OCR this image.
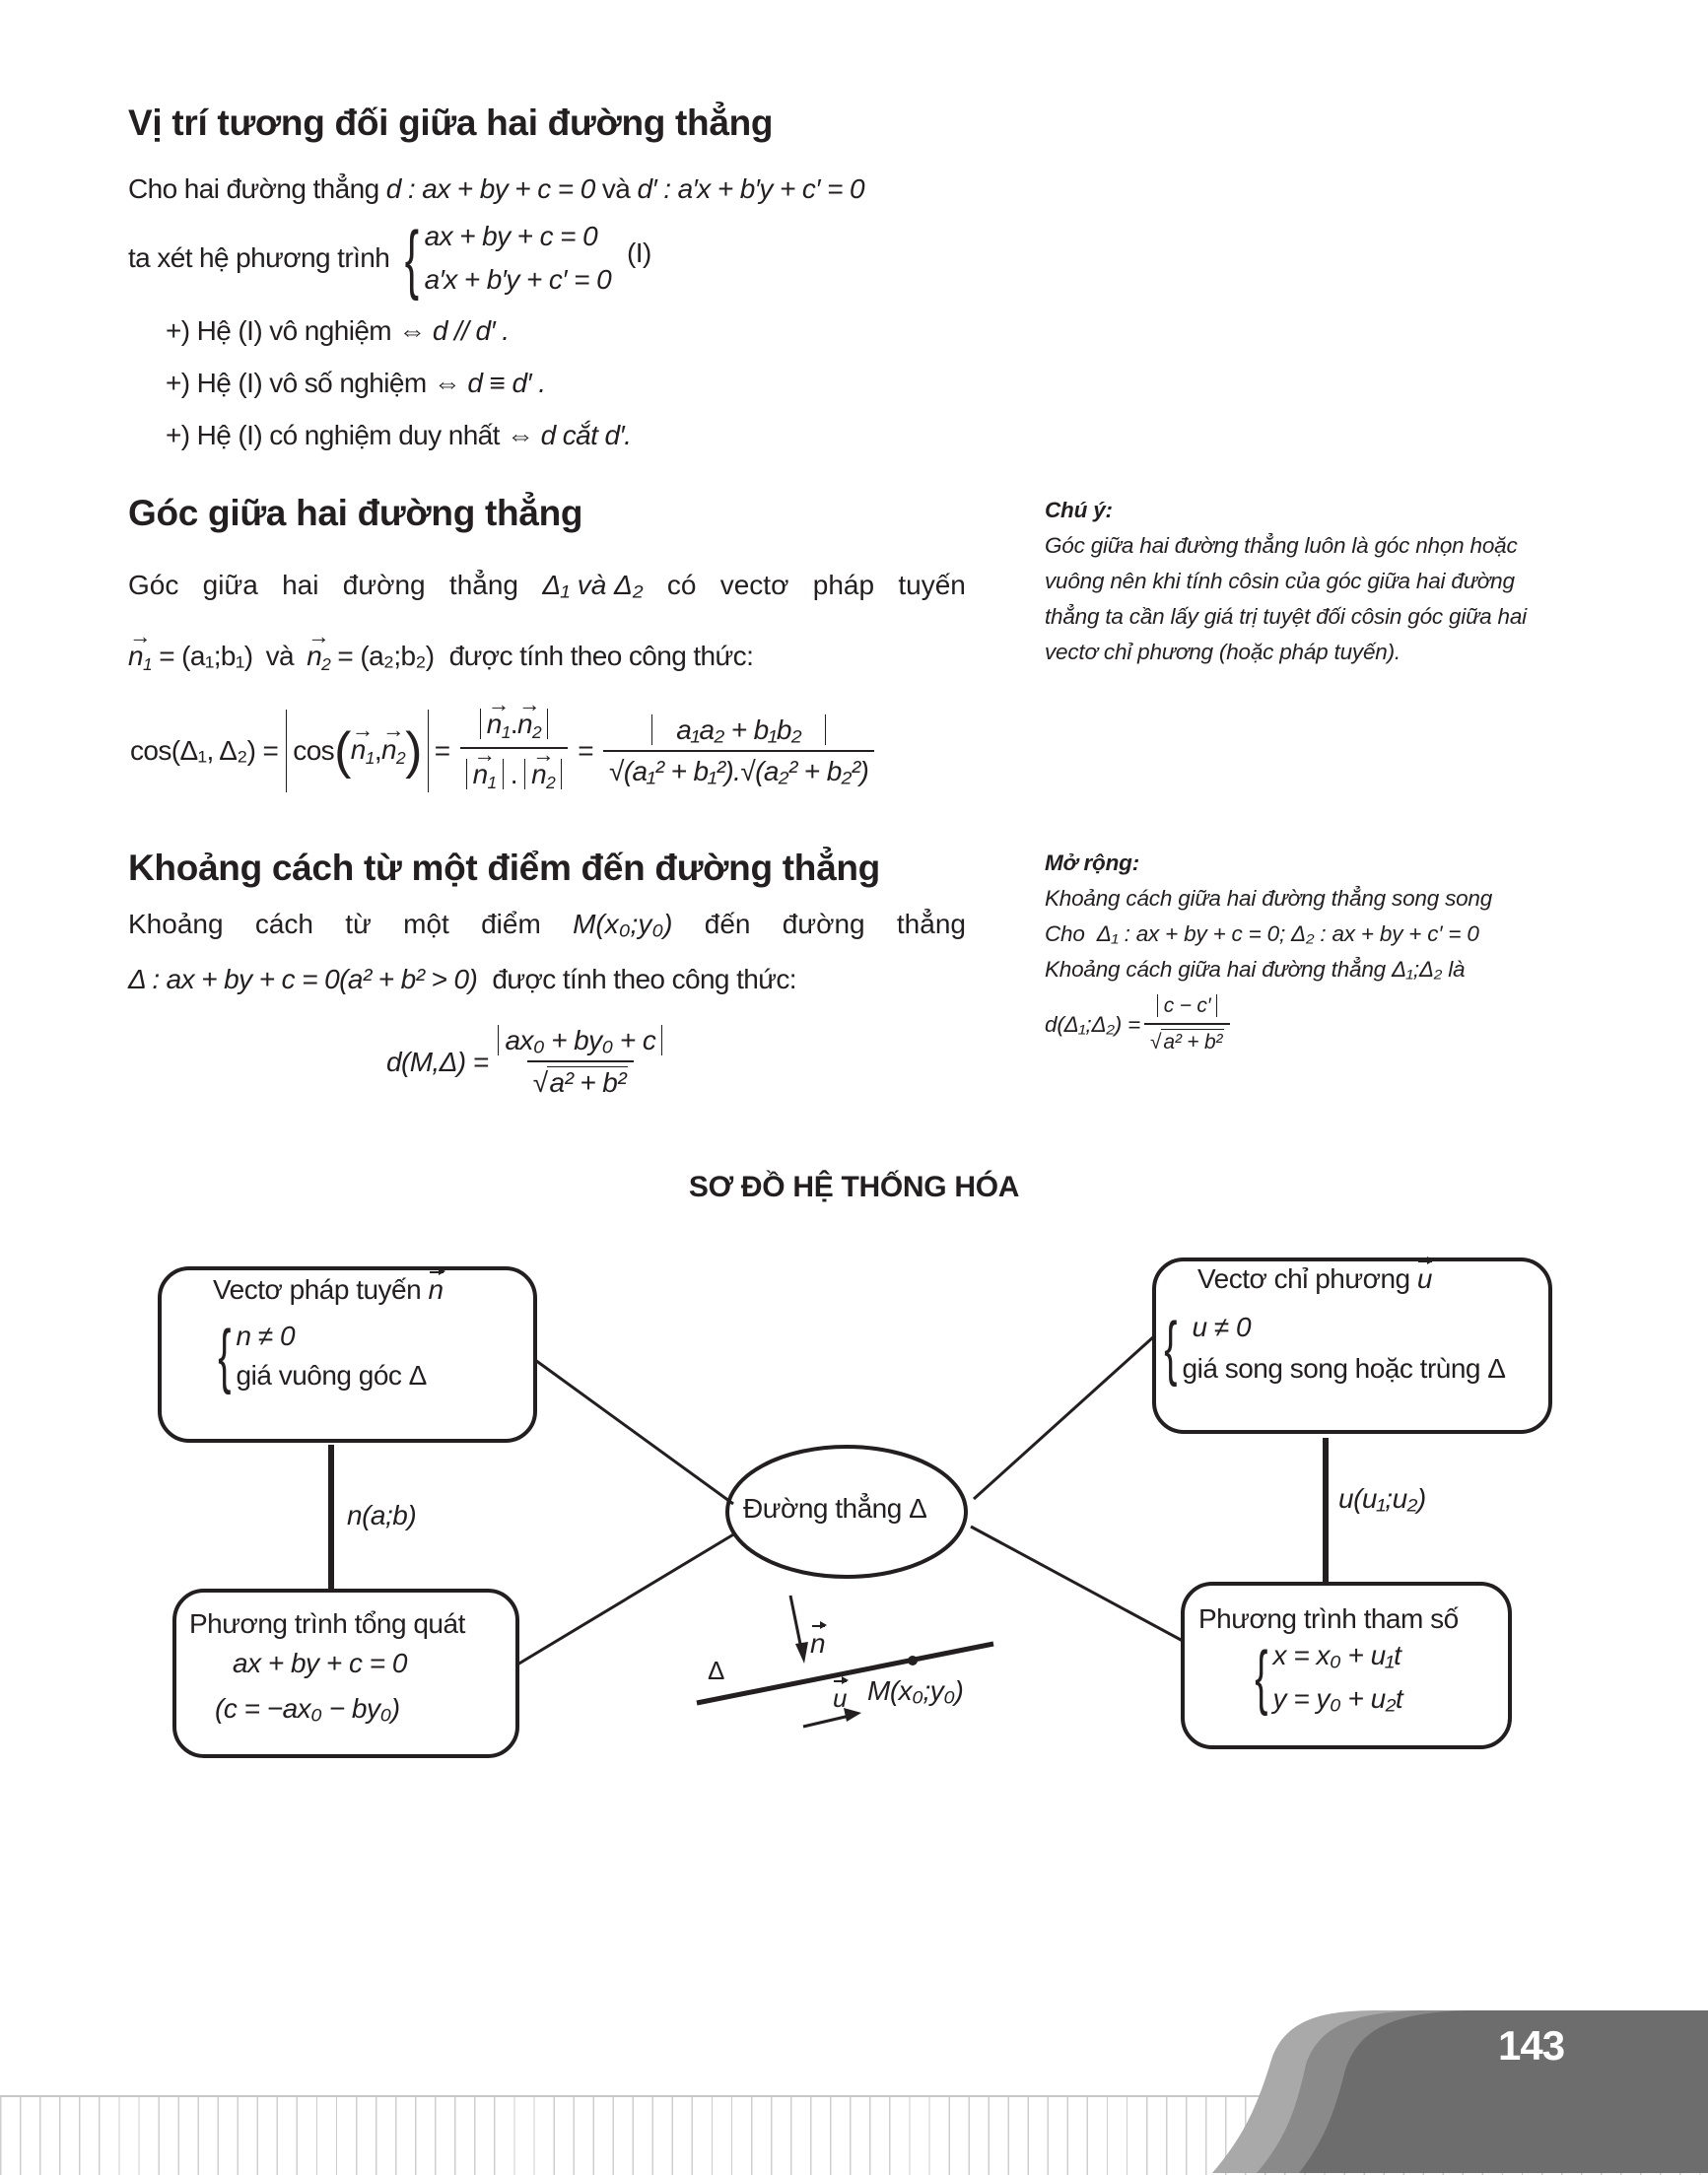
Vị trí tương đối giữa hai đường thẳng
Cho hai đường thẳng d : ax + by + c = 0 và d′ : a′x + b′y + c′ = 0
ta xét hệ phương trình { ax + by + c = 0
a′x + b′y + c′ = 0
(I)
+) Hệ (I) vô nghiệm ⇔ d // d′ .
+) Hệ (I) vô số nghiệm ⇔ d ≡ d′ .
+) Hệ (I) có nghiệm duy nhất ⇔ d cắt d′.
Góc giữa hai đường thẳng
Góc giữa hai đường thẳng Δ₁ và Δ₂ có vectơ pháp tuyến
→ $n_1$ = (a₁;b₁) và → $n_2$ = (a₂;b₂) được tính theo công thức:
cos(Δ₁, Δ₂) = cos ( → $n_1$ , → $n_2$ ) = → $n_1.\to n_2$
→ $n_1$ . → $n_2 = \frac{\text{a₁a₂ + b₁b₂}}{\text{√(a₁² + b₁²).√(a₂² + b₂²)}}$
Chú ý:
Góc giữa hai đường thẳng luôn là góc nhọn hoặc
vuông nên khi tính côsin của góc giữa hai đường
thẳng ta cần lấy giá trị tuyệt đối côsin góc giữa hai
vectơ chỉ phương (hoặc pháp tuyến).
Khoảng cách từ một điểm đến đường thẳng
Khoảng cách từ một điểm M(x₀;y₀) đến đường thẳng
Δ : ax + by + c = 0(a² + b² > 0) được tính theo công thức:
$d(M,\Delta) = \frac{\text{ax₀ + by₀ + c}}{\text{√a² + b²}}$
Mở rộng:
Khoảng cách giữa hai đường thẳng song song
Cho Δ₁ : ax + by + c = 0; Δ₂ : ax + by + c′ = 0
Khoảng cách giữa hai đường thẳng Δ₁;Δ₂ là
d(Δ₁;Δ₂) = $\frac{c - c'}{\text{√a² + b²}}$
SƠ ĐỒ HỆ THỐNG HÓA
Vectơ pháp tuyến n
{ n ≠ 0
giá vuông góc Δ
Vectơ chỉ phương u
{ u ≠ 0
giá song song hoặc trùng Δ
Phương trình tổng quát
ax + by + c = 0
(c = −ax₀ − by₀)
Phương trình tham số
{ x = x₀ + u₁t
y = y₀ + u₂t
Đường thẳng Δ
n(a;b)
u(u₁;u₂)
Δ
n
u M(x₀;y₀)
143
